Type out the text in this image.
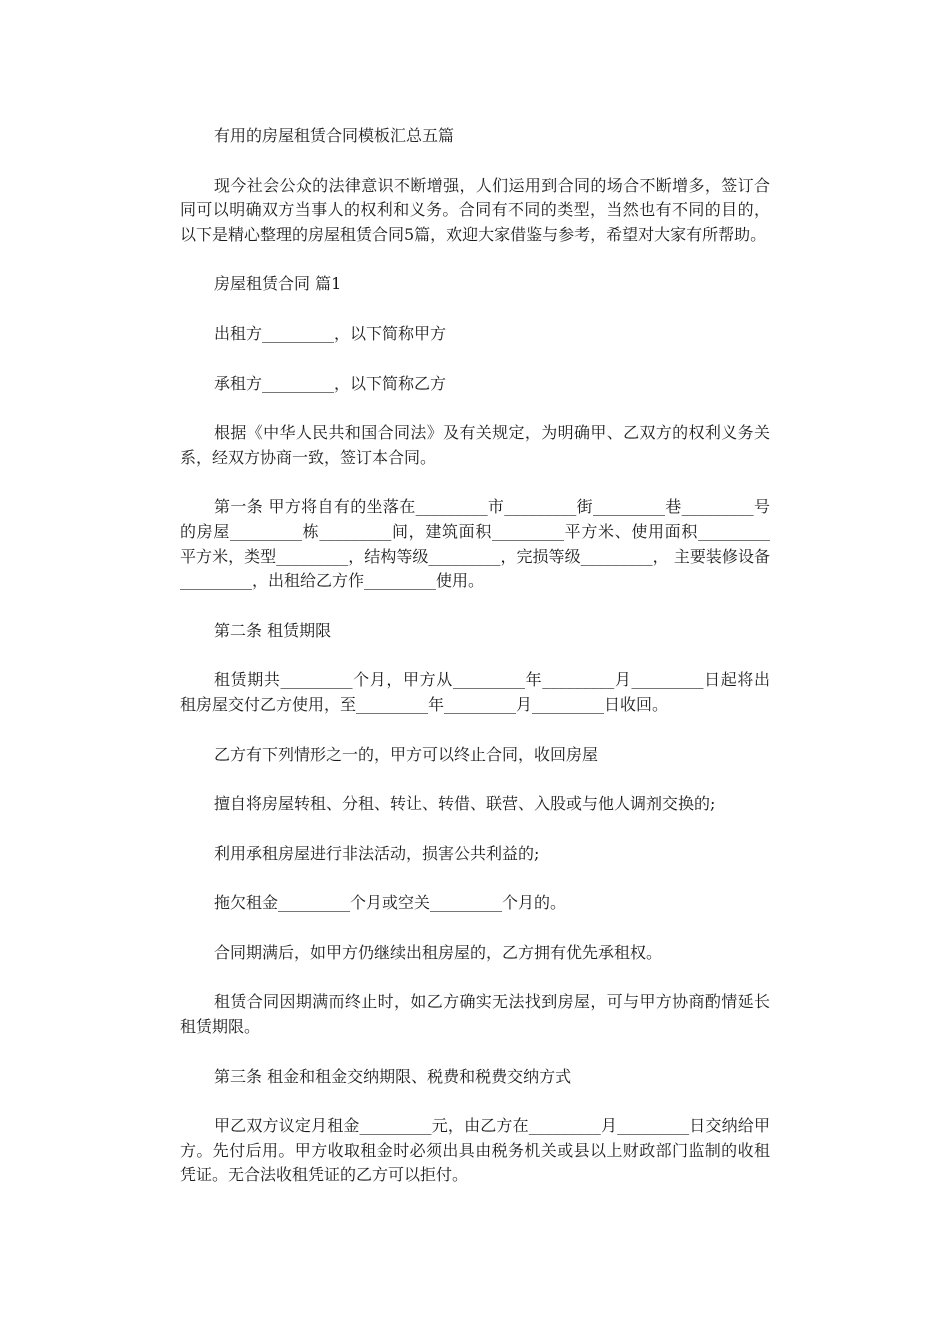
有用的房屋租赁合同模板汇总五篇

现今社会公众的法律意识不断增强，人们运用到合同的场合不断增多，签订合同可以明确双方当事人的权利和义务。合同有不同的类型，当然也有不同的目的，以下是精心整理的房屋租赁合同5篇，欢迎大家借鉴与参考，希望对大家有所帮助。

房屋租赁合同 篇1

出租方_________，以下简称甲方

承租方_________，以下简称乙方

根据《中华人民共和国合同法》及有关规定，为明确甲、乙双方的权利义务关系，经双方协商一致，签订本合同。

第一条 甲方将自有的坐落在_________市_________街_________巷_________号的房屋_________栋_________间，建筑面积_________平方米、使用面积_________平方米，类型_________，结构等级_________，完损等级_________， 主要装修设备_________，出租给乙方作_________使用。

第二条 租赁期限

租赁期共_________个月，甲方从_________年_________月_________日起将出租房屋交付乙方使用，至_________年_________月_________日收回。

乙方有下列情形之一的，甲方可以终止合同，收回房屋

擅自将房屋转租、分租、转让、转借、联营、入股或与他人调剂交换的;

利用承租房屋进行非法活动，损害公共利益的;

拖欠租金_________个月或空关_________个月的。

合同期满后，如甲方仍继续出租房屋的，乙方拥有优先承租权。

租赁合同因期满而终止时，如乙方确实无法找到房屋，可与甲方协商酌情延长租赁期限。

第三条 租金和租金交纳期限、税费和税费交纳方式

甲乙双方议定月租金_________元，由乙方在_________月_________日交纳给甲方。先付后用。甲方收取租金时必须出具由税务机关或县以上财政部门监制的收租凭证。无合法收租凭证的乙方可以拒付。
